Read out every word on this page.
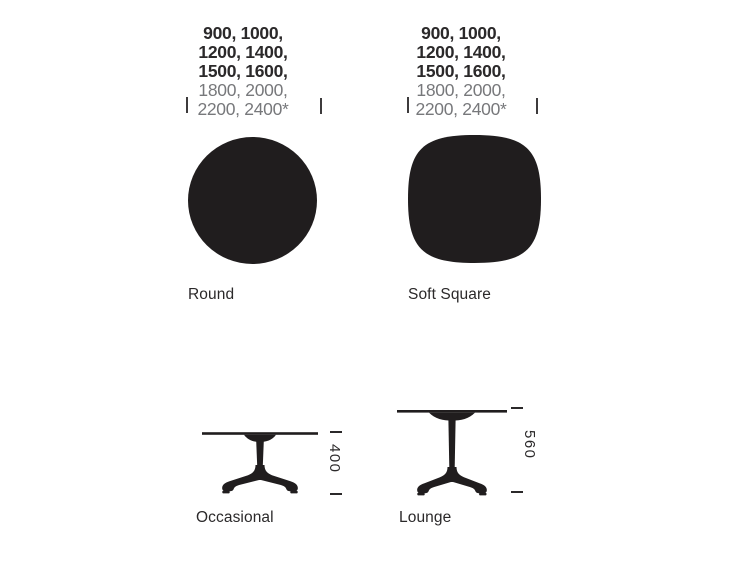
900, 1000,
1200, 1400,
1500, 1600,
1800, 2000,
2200, 2400*
900, 1000,
1200, 1400,
1500, 1600,
1800, 2000,
2200, 2400*
Round	Soft Square
400	560
Occasional	Lounge
